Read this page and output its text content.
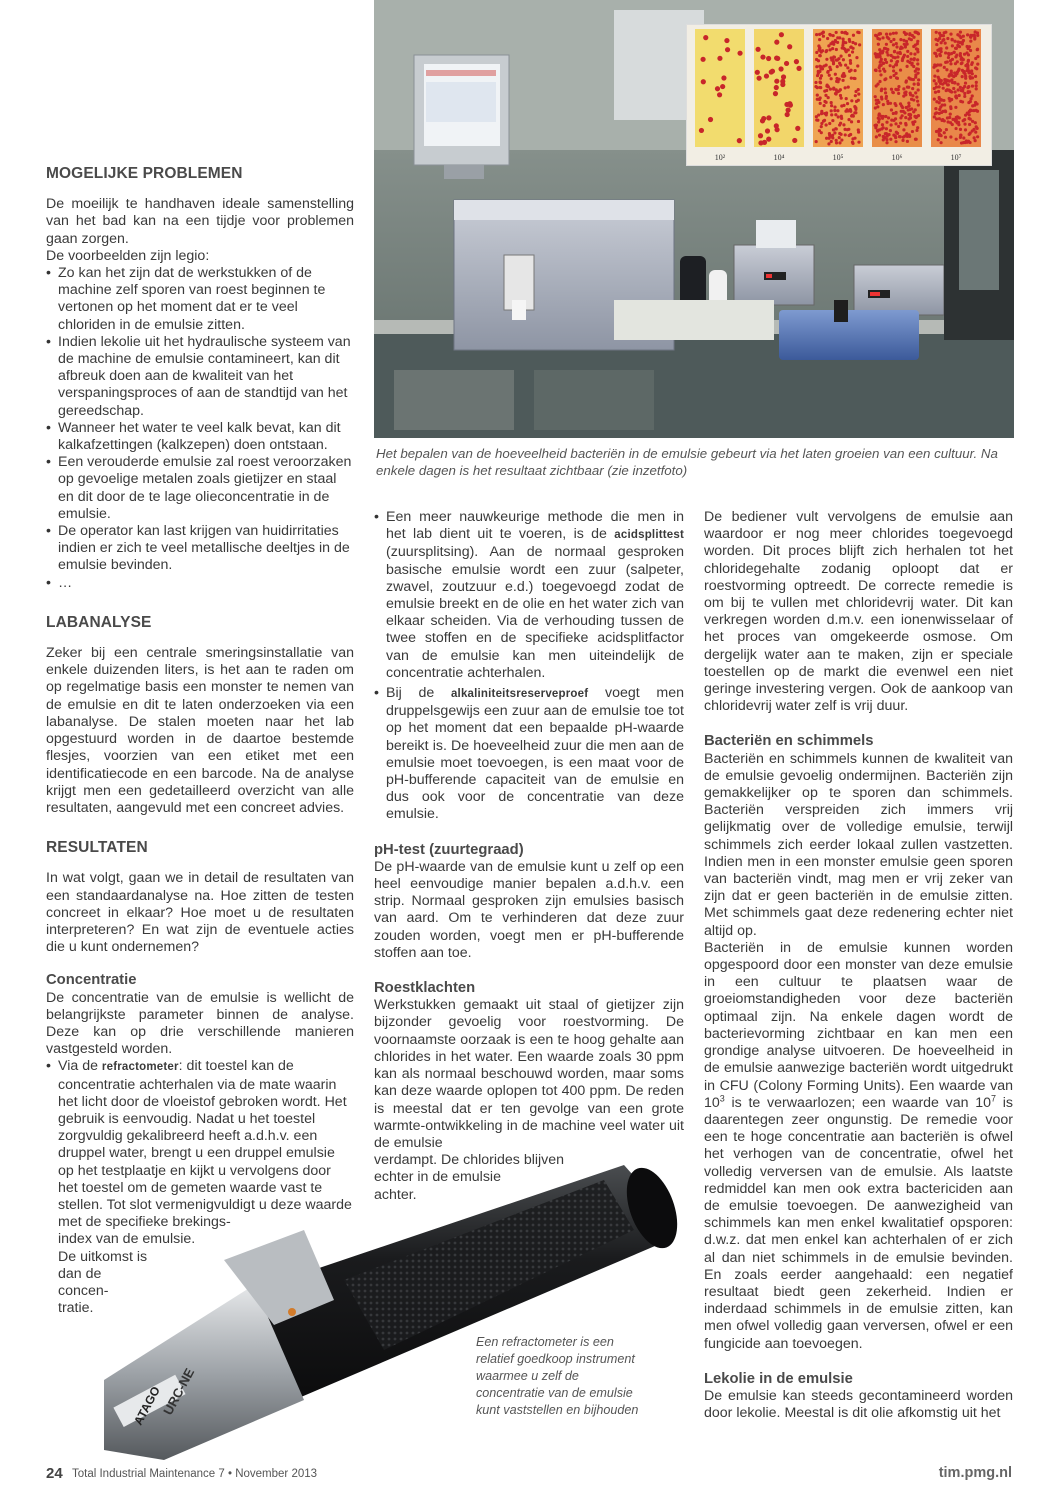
10²	10⁴	10⁵	10⁶	10⁷
Het bepalen van de hoeveelheid bacteriën in de emulsie gebeurt via het laten groeien van een cultuur. Na enkele dagen is het resultaat zichtbaar (zie inzetfoto)
MOGELIJKE PROBLEMEN

De moeilijk te handhaven ideale samenstelling van het bad kan na een tijdje voor problemen gaan zorgen.

De voorbeelden zijn legio:

• Zo kan het zijn dat de werkstukken of de machine zelf sporen van roest beginnen te vertonen op het moment dat er te veel chloriden in de emulsie zitten.
• Indien lekolie uit het hydraulische systeem van de machine de emulsie contamineert, kan dit afbreuk doen aan de kwaliteit van het verspaningsproces of aan de standtijd van het gereedschap.
• Wanneer het water te veel kalk bevat, kan dit kalkafzettingen (kalkzepen) doen ontstaan.
• Een verouderde emulsie zal roest veroorzaken op gevoelige metalen zoals gietijzer en staal en dit door de te lage olieconcentratie in de emulsie.
• De operator kan last krijgen van huidirritaties indien er zich te veel metallische deeltjes in de emulsie bevinden.
• …
LABANALYSE

Zeker bij een centrale smeringsinstallatie van enkele duizenden liters, is het aan te raden om op regelmatige basis een monster te nemen van de emulsie en dit te laten onderzoeken via een labanalyse. De stalen moeten naar het lab opgestuurd worden in de daartoe bestemde flesjes, voorzien van een etiket met een identificatiecode en een barcode. Na de analyse krijgt men een gedetailleerd overzicht van alle resultaten, aangevuld met een concreet advies.

RESULTATEN

In wat volgt, gaan we in detail de resultaten van een standaardanalyse na. Hoe zitten de testen concreet in elkaar? Hoe moet u de resultaten interpreteren? En wat zijn de eventuele acties die u kunt ondernemen?

Concentratie

De concentratie van de emulsie is wellicht de belangrijkste parameter binnen de analyse. Deze kan op drie verschillende manieren vastgesteld worden.

• Via de refractometer: dit toestel kan de concentratie achterhalen via de mate waarin het licht door de vloeistof gebroken wordt. Het gebruik is eenvoudig. Nadat u het toestel zorgvuldig gekalibreerd heeft a.d.h.v. een druppel water, brengt u een druppel emulsie op het testplaatje en kijkt u vervolgens door het toestel om de gemeten waarde vast te stellen. Tot slot vermenigvuldigt u deze waarde
met de specifieke brekings-
index van de emulsie.
De uitkomst is
dan de
concen-
tratie.
ATAGO
URC-NE
• Een meer nauwkeurige methode die men in het lab dient uit te voeren, is de acidsplittest (zuursplitsing). Aan de normaal gesproken basische emulsie wordt een zuur (salpeter, zwavel, zoutzuur e.d.) toegevoegd zodat de emulsie breekt en de olie en het water zich van elkaar scheiden. Via de verhouding tussen de twee stoffen en de specifieke acidsplitfactor van de emulsie kan men uiteindelijk de concentratie achterhalen.
• Bij de alkaliniteitsreserveproef voegt men druppelsgewijs een zuur aan de emulsie toe tot op het moment dat een bepaalde pH-waarde bereikt is. De hoeveelheid zuur die men aan de emulsie moet toevoegen, is een maat voor de pH-bufferende capaciteit van de emulsie en dus ook voor de concentratie van deze emulsie.
pH-test (zuurtegraad)

De pH-waarde van de emulsie kunt u zelf op een heel eenvoudige manier bepalen a.d.h.v. een strip. Normaal gesproken zijn emulsies basisch van aard. Om te verhinderen dat deze zuur zouden worden, voegt men er pH-bufferende stoffen aan toe.

Roestklachten

Werkstukken gemaakt uit staal of gietijzer zijn bijzonder gevoelig voor roestvorming. De voornaamste oorzaak is een te hoog gehalte aan chlorides in het water. Een waarde zoals 30 ppm kan als normaal beschouwd worden, maar soms kan deze waarde oplopen tot 400 ppm. De reden is meestal dat er ten gevolge van een grote warmte-ontwikkeling in de machine veel water uit de emulsie

verdampt. De chlorides blijven
echter in de emulsie
achter.
Een refractometer is een relatief goedkoop instrument waarmee u zelf de concentratie van de emulsie kunt vaststellen en bijhouden

De bediener vult vervolgens de emulsie aan waardoor er nog meer chlorides toegevoegd worden. Dit proces blijft zich herhalen tot het chloridegehalte zodanig oploopt dat er roestvorming optreedt. De correcte remedie is om bij te vullen met chloridevrij water. Dit kan verkregen worden d.m.v. een ionenwisselaar of het proces van omgekeerde osmose. Om dergelijk water aan te maken, zijn er speciale toestellen op de markt die evenwel een niet geringe investering vergen. Ook de aankoop van chloridevrij water zelf is vrij duur.

Bacteriën en schimmels

Bacteriën en schimmels kunnen de kwaliteit van de emulsie gevoelig ondermijnen. Bacteriën zijn gemakkelijker op te sporen dan schimmels. Bacteriën verspreiden zich immers vrij gelijkmatig over de volledige emulsie, terwijl schimmels zich eerder lokaal zullen vastzetten. Indien men in een monster emulsie geen sporen van bacteriën vindt, mag men er vrij zeker van zijn dat er geen bacteriën in de emulsie zitten. Met schimmels gaat deze redenering echter niet altijd op.

Bacteriën in de emulsie kunnen worden opgespoord door een monster van deze emulsie in een cultuur te plaatsen waar de groeiomstandigheden voor deze bacteriën optimaal zijn. Na enkele dagen wordt de bacterievorming zichtbaar en kan men een grondige analyse uitvoeren. De hoeveelheid in de emulsie aanwezige bacteriën wordt uitgedrukt in CFU (Colony Forming Units). Een waarde van $10^3$ is te verwaarlozen; een waarde van $10^7$ is daarentegen zeer ongunstig. De remedie voor een te hoge concentratie aan bacteriën is ofwel het verhogen van de concentratie, ofwel het volledig verversen van de emulsie. Als laatste redmiddel kan men ook extra bactericiden aan de emulsie toevoegen. De aanwezigheid van schimmels kan men enkel kwalitatief opsporen: d.w.z. dat men enkel kan achterhalen of er zich al dan niet schimmels in de emulsie bevinden. En zoals eerder aangehaald: een negatief resultaat biedt geen zekerheid. Indien er inderdaad schimmels in de emulsie zitten, kan men ofwel volledig gaan verversen, ofwel er een fungicide aan toevoegen.

Lekolie in de emulsie

De emulsie kan steeds gecontamineerd worden door lekolie. Meestal is dit olie afkomstig uit het

24 Total Industrial Maintenance 7 • November 2013	tim.pmg.nl
